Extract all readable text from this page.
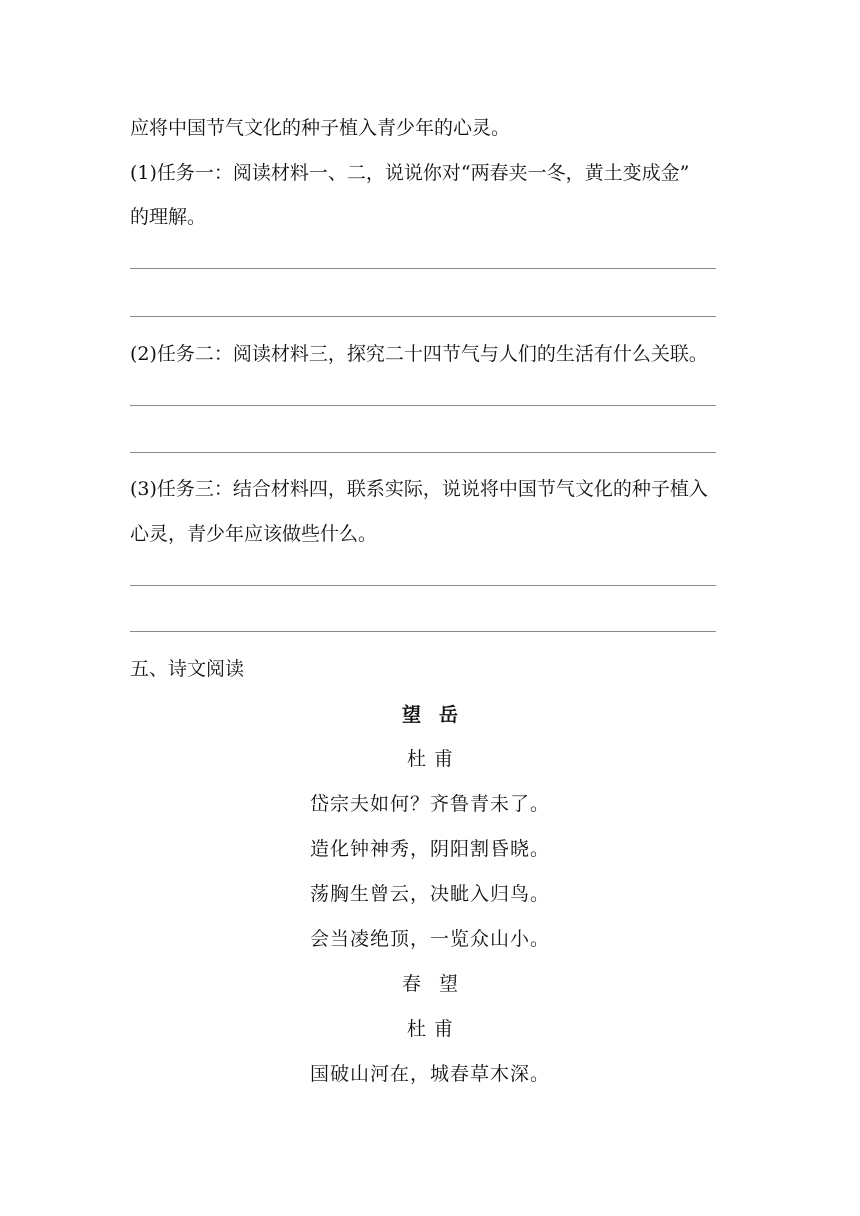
应将中国节气文化的种子植入青少年的心灵。
(1)任务一：阅读材料一、二，说说你对“两春夹一冬，黄土变成金”
的理解。
(2)任务二：阅读材料三，探究二十四节气与人们的生活有什么关联。
(3)任务三：结合材料四，联系实际，说说将中国节气文化的种子植入
心灵，青少年应该做些什么。
五、诗文阅读
望岳
杜甫
岱宗夫如何？齐鲁青未了。
造化钟神秀，阴阳割昏晓。
荡胸生曾云，决眦入归鸟。
会当凌绝顶，一览众山小。
春望
杜甫
国破山河在，城春草木深。
